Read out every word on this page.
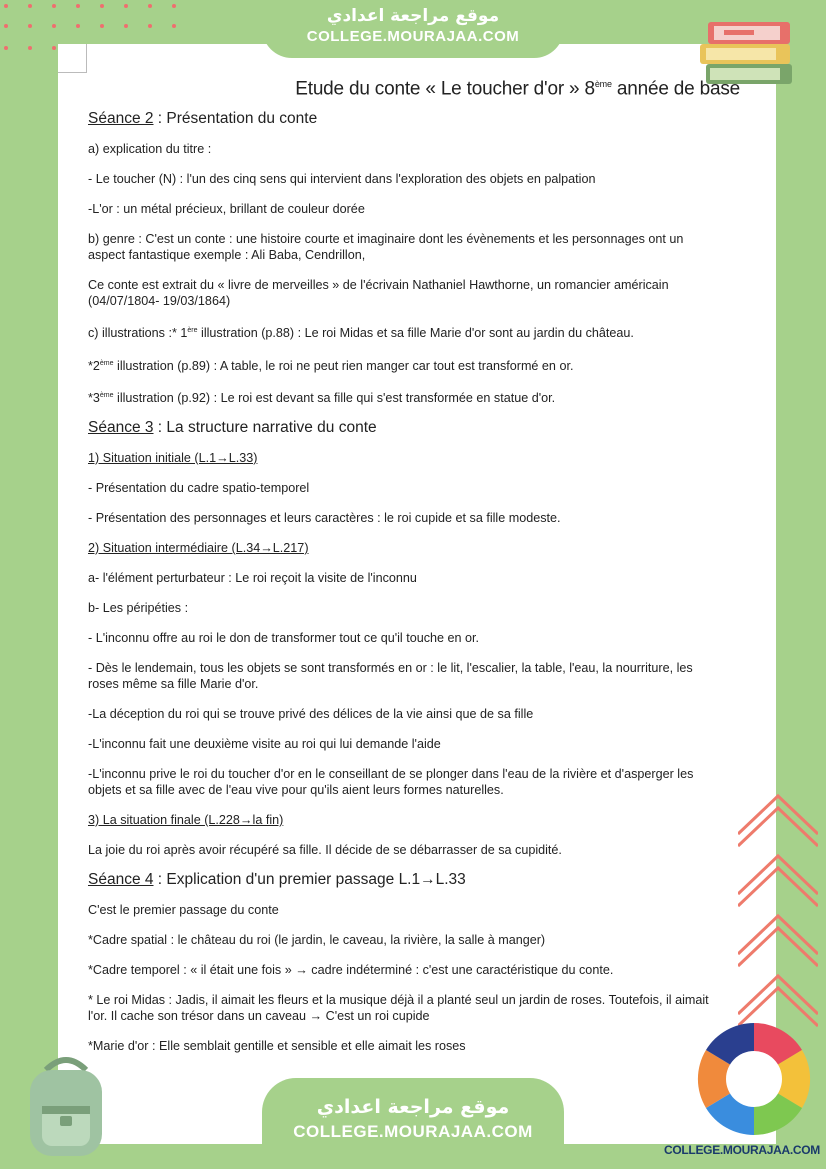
موقع مراجعة اعدادي
COLLEGE.MOURAJAA.COM
Etude du conte « Le toucher d'or » 8ème année de base
Séance 2 : Présentation du conte
a) explication du titre :
- Le toucher (N) : l'un des cinq sens qui intervient dans l'exploration des objets en palpation
-L'or : un métal précieux, brillant de couleur dorée
b) genre : C'est un conte : une histoire courte et imaginaire dont les évènements et les personnages ont un aspect fantastique exemple : Ali Baba, Cendrillon,
Ce conte est extrait du « livre de merveilles » de l'écrivain Nathaniel Hawthorne, un romancier américain (04/07/1804- 19/03/1864)
c) illustrations :* 1ère illustration (p.88) : Le roi Midas et sa fille Marie d'or sont au jardin du château.
*2ème illustration (p.89) : A table, le roi ne peut rien manger car tout est transformé en or.
*3ème illustration (p.92) : Le roi est devant sa fille qui s'est transformée en statue d'or.
Séance 3 : La structure narrative du conte
1) Situation initiale (L.1→L.33)
- Présentation du cadre spatio-temporel
- Présentation des personnages et leurs caractères : le roi cupide et sa fille modeste.
2) Situation intermédiaire (L.34→L.217)
a- l'élément perturbateur : Le roi reçoit la visite de l'inconnu
b- Les péripéties :
- L'inconnu offre au roi le don de transformer tout ce qu'il touche en or.
- Dès le lendemain, tous les objets se sont transformés en or : le lit, l'escalier, la table, l'eau, la nourriture, les roses même sa fille Marie d'or.
-La déception du roi qui se trouve privé des délices de la vie ainsi que de sa fille
-L'inconnu fait une deuxième visite au roi qui lui demande l'aide
-L'inconnu prive le roi du toucher d'or en le conseillant de se plonger dans l'eau de la rivière et d'asperger les objets et sa fille avec de l'eau vive pour qu'ils aient leurs formes naturelles.
3) La situation finale (L.228→la fin)
La joie du roi après avoir récupéré sa fille. Il décide de se débarrasser de sa cupidité.
Séance 4 : Explication d'un premier passage L.1→L.33
C'est le premier passage du conte
*Cadre spatial : le château du roi (le jardin, le caveau, la rivière, la salle à manger)
*Cadre temporel : « il était une fois » → cadre indéterminé : c'est une caractéristique du conte.
* Le roi Midas : Jadis, il aimait les fleurs et la musique déjà il a planté seul un jardin de roses. Toutefois, il aimait l'or. Il cache son trésor dans un caveau → C'est un roi cupide
*Marie d'or : Elle semblait gentille et sensible et elle aimait les roses
موقع مراجعة اعدادي
COLLEGE.MOURAJAA.COM
COLLEGE.MOURAJAA.COM
